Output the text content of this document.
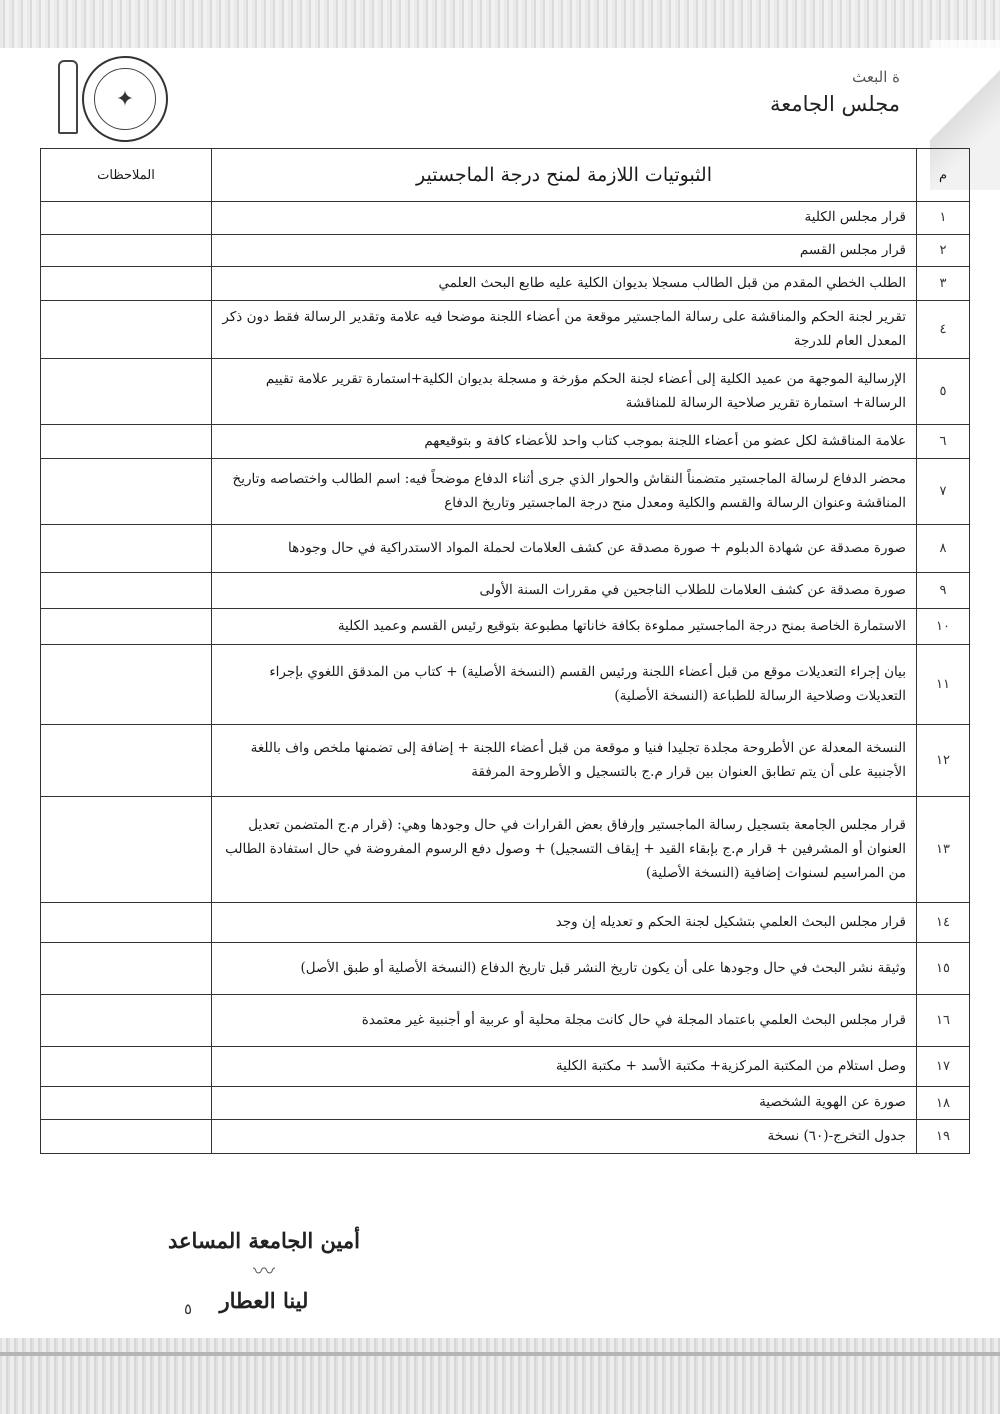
✦
ة البعث
مجلس الجامعة
م	الثبوتيات اللازمة لمنح درجة الماجستير	الملاحظات
١	قرار مجلس الكلية	
٢	قرار مجلس القسم	
٣	الطلب الخطي المقدم من قبل الطالب مسجلا بديوان الكلية عليه طابع البحث العلمي	
٤	تقرير لجنة الحكم والمناقشة على رسالة الماجستير موقعة من أعضاء اللجنة موضحا فيه علامة وتقدير الرسالة فقط دون ذكر المعدل العام للدرجة	
٥	الإرسالية الموجهة من عميد الكلية إلى أعضاء لجنة الحكم مؤرخة و مسجلة بديوان الكلية+استمارة تقرير علامة تقييم الرسالة+ استمارة تقرير صلاحية الرسالة للمناقشة	
٦	علامة المناقشة لكل عضو من أعضاء اللجنة بموجب كتاب واحد للأعضاء كافة و بتوقيعهم	
٧	محضر الدفاع لرسالة الماجستير متضمناً النقاش والحوار الذي جرى أثناء الدفاع موضحاً فيه: اسم الطالب واختصاصه وتاريخ المناقشة وعنوان الرسالة والقسم والكلية ومعدل منح درجة الماجستير وتاريخ الدفاع	
٨	صورة مصدقة عن شهادة الدبلوم + صورة مصدقة عن كشف العلامات لحملة المواد الاستدراكية في حال وجودها	
٩	صورة مصدقة عن كشف العلامات للطلاب الناجحين في مقررات السنة الأولى	
١٠	الاستمارة الخاصة بمنح درجة الماجستير مملوءة بكافة خاناتها مطبوعة بتوقيع رئيس القسم وعميد الكلية	
١١	بيان إجراء التعديلات موقع من قبل أعضاء اللجنة ورئيس القسم (النسخة الأصلية) + كتاب من المدقق اللغوي بإجراء التعديلات وصلاحية الرسالة للطباعة (النسخة الأصلية)	
١٢	النسخة المعدلة عن الأطروحة مجلدة تجليدا فنيا و موقعة من قبل أعضاء اللجنة + إضافة إلى تضمنها ملخص واف باللغة الأجنبية على أن يتم تطابق العنوان بين قرار م.ج بالتسجيل و الأطروحة المرفقة	
١٣	قرار مجلس الجامعة بتسجيل رسالة الماجستير وإرفاق بعض القرارات في حال وجودها وهي: (قرار م.ج المتضمن تعديل العنوان أو المشرفين + قرار م.ج بإبقاء القيد + إيقاف التسجيل) + وصول دفع الرسوم المفروضة في حال استفادة الطالب من المراسيم لسنوات إضافية (النسخة الأصلية)	
١٤	قرار مجلس البحث العلمي بتشكيل لجنة الحكم و تعديله إن وجد	
١٥	وثيقة نشر البحث في حال وجودها على أن يكون تاريخ النشر قبل تاريخ الدفاع (النسخة الأصلية أو طبق الأصل)	
١٦	قرار مجلس البحث العلمي باعتماد المجلة في حال كانت مجلة محلية أو عربية أو أجنبية غير معتمدة	
١٧	وصل استلام من المكتبة المركزية+ مكتبة الأسد + مكتبة الكلية	
١٨	صورة عن الهوية الشخصية	
١٩	جدول التخرج-(٦٠) نسخة	
أمين الجامعة المساعد
〰
لينا العطار
٥
